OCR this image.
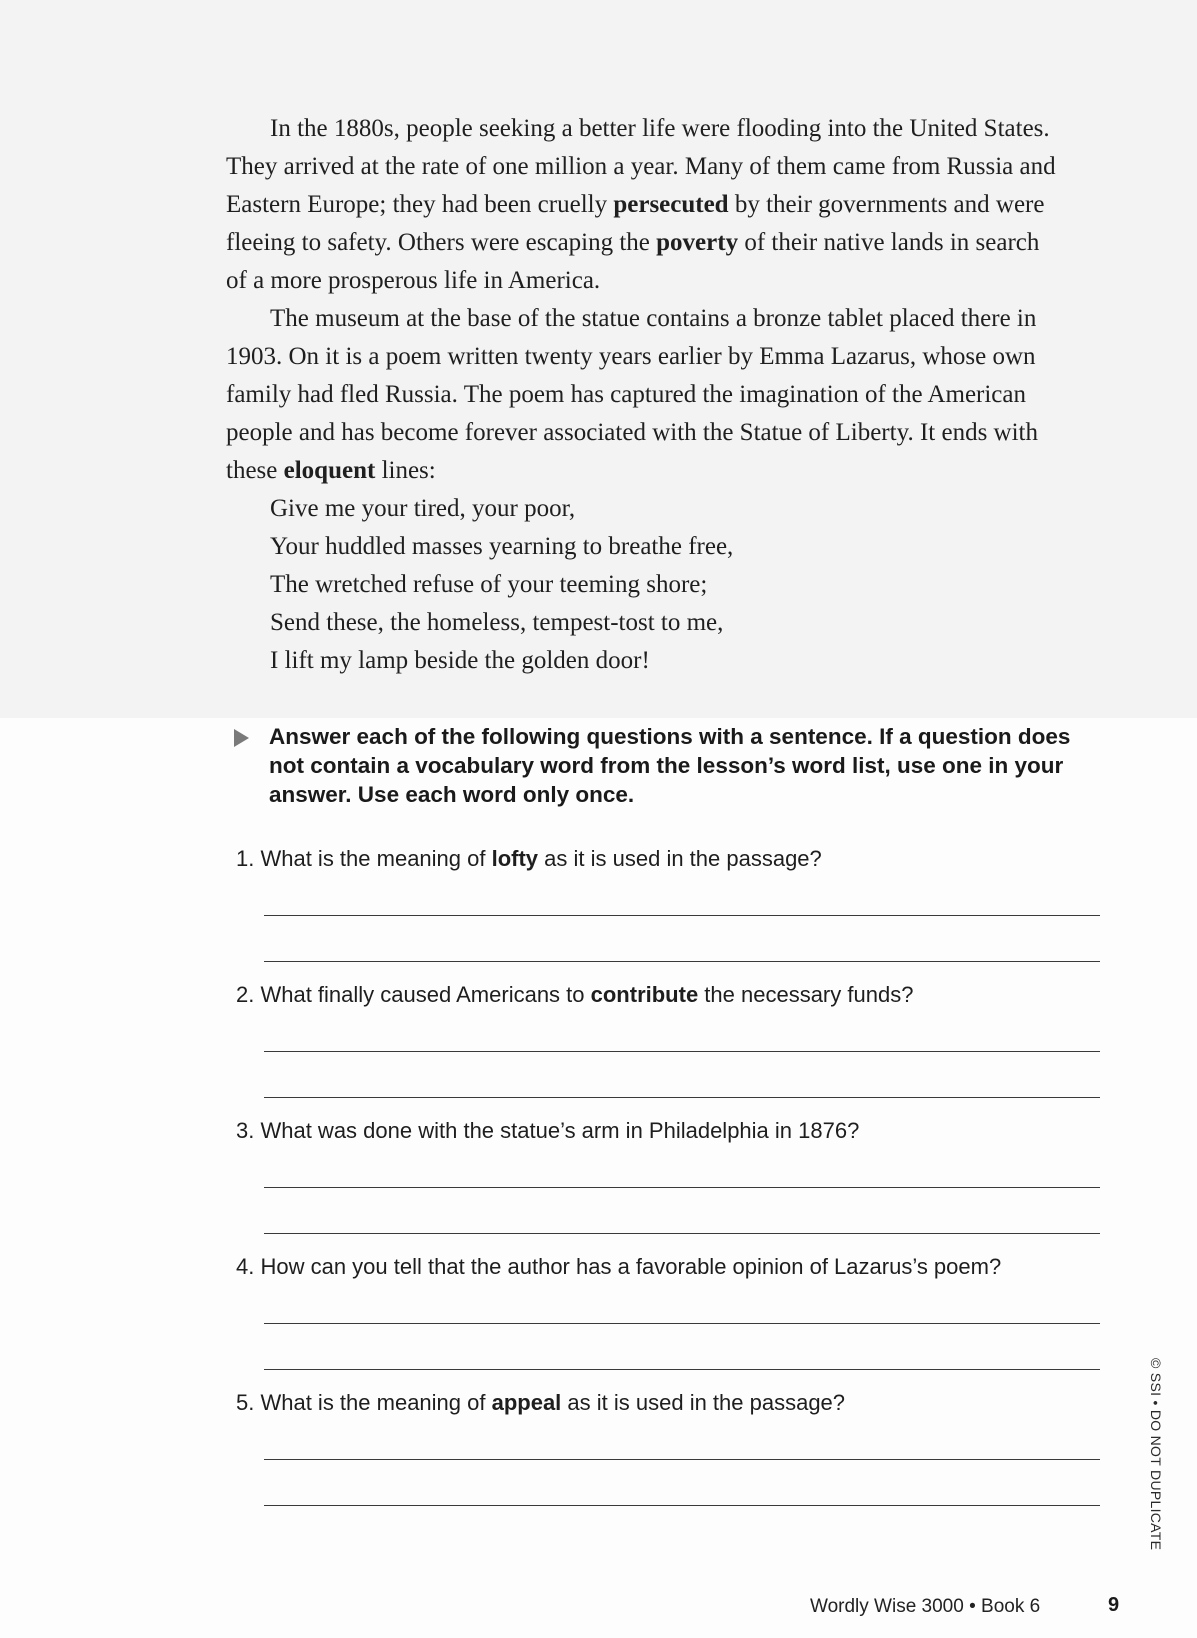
In the 1880s, people seeking a better life were flooding into the United States. They arrived at the rate of one million a year. Many of them came from Russia and Eastern Europe; they had been cruelly persecuted by their governments and were fleeing to safety. Others were escaping the poverty of their native lands in search of a more prosperous life in America.

The museum at the base of the statue contains a bronze tablet placed there in 1903. On it is a poem written twenty years earlier by Emma Lazarus, whose own family had fled Russia. The poem has captured the imagination of the American people and has become forever associated with the Statue of Liberty. It ends with these eloquent lines:

Give me your tired, your poor,
Your huddled masses yearning to breathe free,
The wretched refuse of your teeming shore;
Send these, the homeless, tempest-tost to me,
I lift my lamp beside the golden door!
Answer each of the following questions with a sentence. If a question does not contain a vocabulary word from the lesson’s word list, use one in your answer. Use each word only once.
1. What is the meaning of lofty as it is used in the passage?
2. What finally caused Americans to contribute the necessary funds?
3. What was done with the statue’s arm in Philadelphia in 1876?
4. How can you tell that the author has a favorable opinion of Lazarus’s poem?
5. What is the meaning of appeal as it is used in the passage?	© SSI • DO NOT DUPLICATE
Wordly Wise 3000 • Book 6	9
